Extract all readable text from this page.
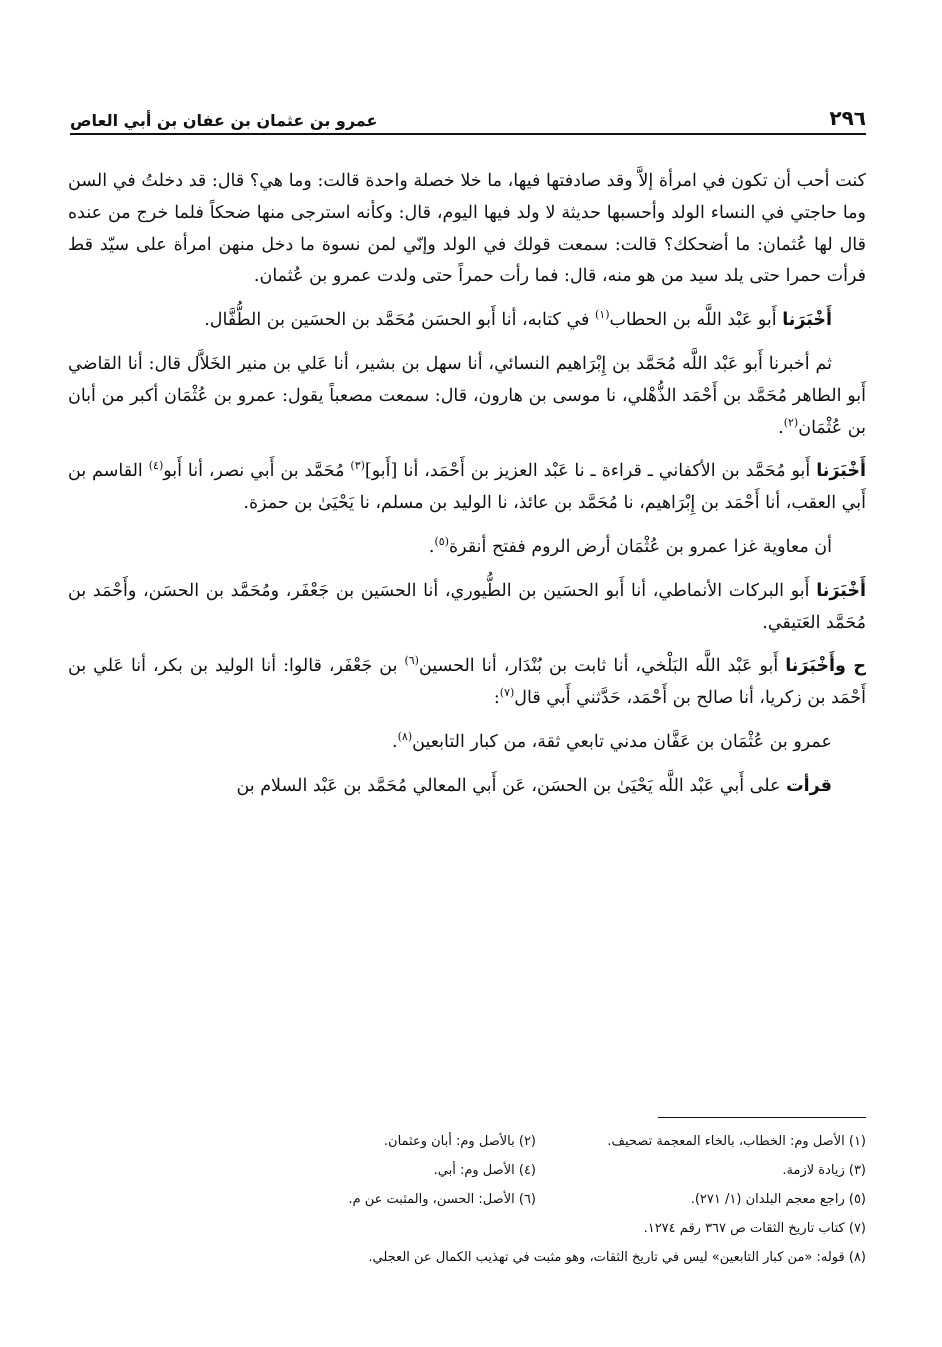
٢٩٦
عمرو بن عثمان بن عفان بن أبي العاص

كنت أحب أن تكون في امرأة إلاَّ وقد صادفتها فيها، ما خلا خصلة واحدة قالت: وما هي؟ قال: قد دخلتُ في السن وما حاجتي في النساء الولد وأحسبها حديثة لا ولد فيها اليوم، قال: وكأنه استرجى منها ضحكاً فلما خرج من عنده قال لها عُثمان: ما أضحكك؟ قالت: سمعت قولك في الولد وإنّي لمن نسوة ما دخل منهن امرأة على سيّد قط فرأت حمرا حتى يلد سيد من هو منه، قال: فما رأت حمراً حتى ولدت عمرو بن عُثمان.

أَخْبَرَنا أَبو عَبْد اللَّه بن الحطاب$^{(١)}$ في كتابه، أنا أَبو الحسَن مُحَمَّد بن الحسَين بن الطُّفَّال.

ثم أخبرنا أَبو عَبْد اللَّه مُحَمَّد بن إِبْرَاهيم النسائي، أنا سهل بن بشير، أنا عَلي بن منير الخَلاَّل قال: أنا القاضي أَبو الطاهر مُحَمَّد بن أَحْمَد الذُّهْلي، نا موسى بن هارون، قال: سمعت مصعباً يقول: عمرو بن عُثْمَان أكبر من أبان بن عُثْمَان$^{(٢)}$.

أَخْبَرَنا أَبو مُحَمَّد بن الأكفاني ـ قراءة ـ نا عَبْد العزيز بن أَحْمَد، أنا [أَبو]$^{(٣)}$ مُحَمَّد بن أَبي نصر، أنا أَبو$^{(٤)}$ القاسم بن أَبي العقب، أنا أَحْمَد بن إِبْرَاهيم، نا مُحَمَّد بن عائذ، نا الوليد بن مسلم، نا يَحْيَىٰ بن حمزة.

أن معاوية غزا عمرو بن عُثْمَان أرض الروم ففتح أنقرة$^{(٥)}$.

أَخْبَرَنا أَبو البركات الأنماطي، أنا أَبو الحسَين بن الطُّيوري، أنا الحسَين بن جَعْفَر، ومُحَمَّد بن الحسَن، وأَحْمَد بن مُحَمَّد العَتيقي.

ح وأَخْبَرَنا أَبو عَبْد اللَّه البَلْخي، أنا ثابت بن بُنْدَار، أنا الحسين$^{(٦)}$ بن جَعْفَر، قالوا: أنا الوليد بن بكر، أنا عَلي بن أَحْمَد بن زكريا، أنا صالح بن أَحْمَد، حَدَّثني أَبي قال$^{(٧)}$:

عمرو بن عُثْمَان بن عَفَّان مدني تابعي ثقة، من كبار التابعين$^{(٨)}$.

قرأت على أَبي عَبْد اللَّه يَحْيَىٰ بن الحسَن، عَن أَبي المعالي مُحَمَّد بن عَبْد السلام بن

(١) الأصل وم: الخطاب، بالخاء المعجمة تصحيف.
(٢) بالأصل وم: أبان وعثمان.
(٣) زيادة لازمة.
(٤) الأصل وم: أبي.
(٥) راجع معجم البلدان (١/ ٢٧١).
(٦) الأصل: الحسن، والمثبت عن م.
(٧) كتاب تاريخ الثقات ص ٣٦٧ رقم ١٢٧٤.
(٨) قوله: «من كبار التابعين» ليس في تاريخ الثقات، وهو مثبت في تهذيب الكمال عن العجلي.
